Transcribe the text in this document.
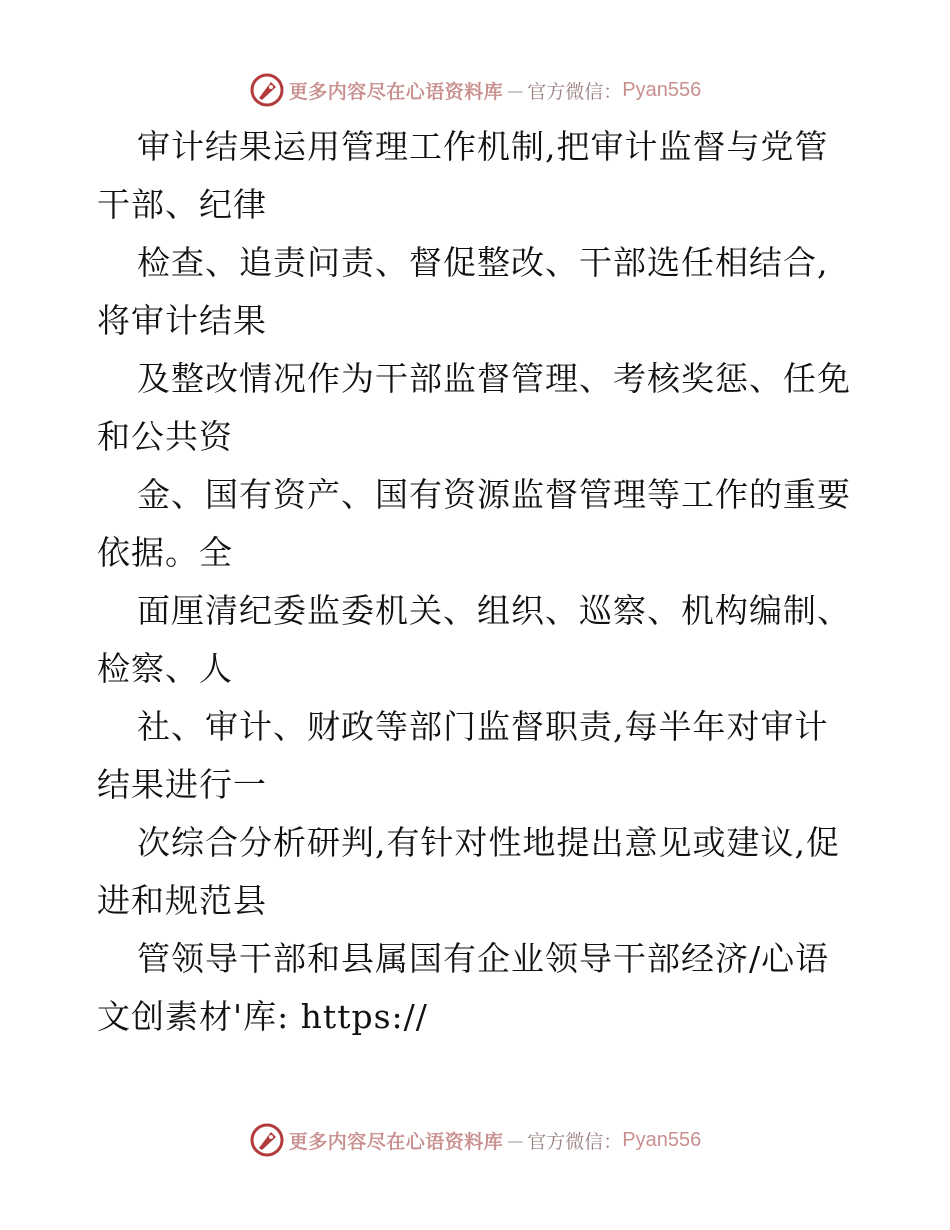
更多内容尽在心语资料库 — 官方微信： Pyan556
审计结果运用管理工作机制,把审计监督与党管
干部、纪律
检查、追责问责、督促整改、干部选任相结合,
将审计结果
及整改情况作为干部监督管理、考核奖惩、任免
和公共资
金、国有资产、国有资源监督管理等工作的重要
依据。全
面厘清纪委监委机关、组织、巡察、机构编制、
检察、人
社、审计、财政等部门监督职责,每半年对审计
结果进行一
次综合分析研判,有针对性地提出意见或建议,促
进和规范县
管领导干部和县属国有企业领导干部经济/心语
文创素材'库: https://
更多内容尽在心语资料库 — 官方微信： Pyan556
